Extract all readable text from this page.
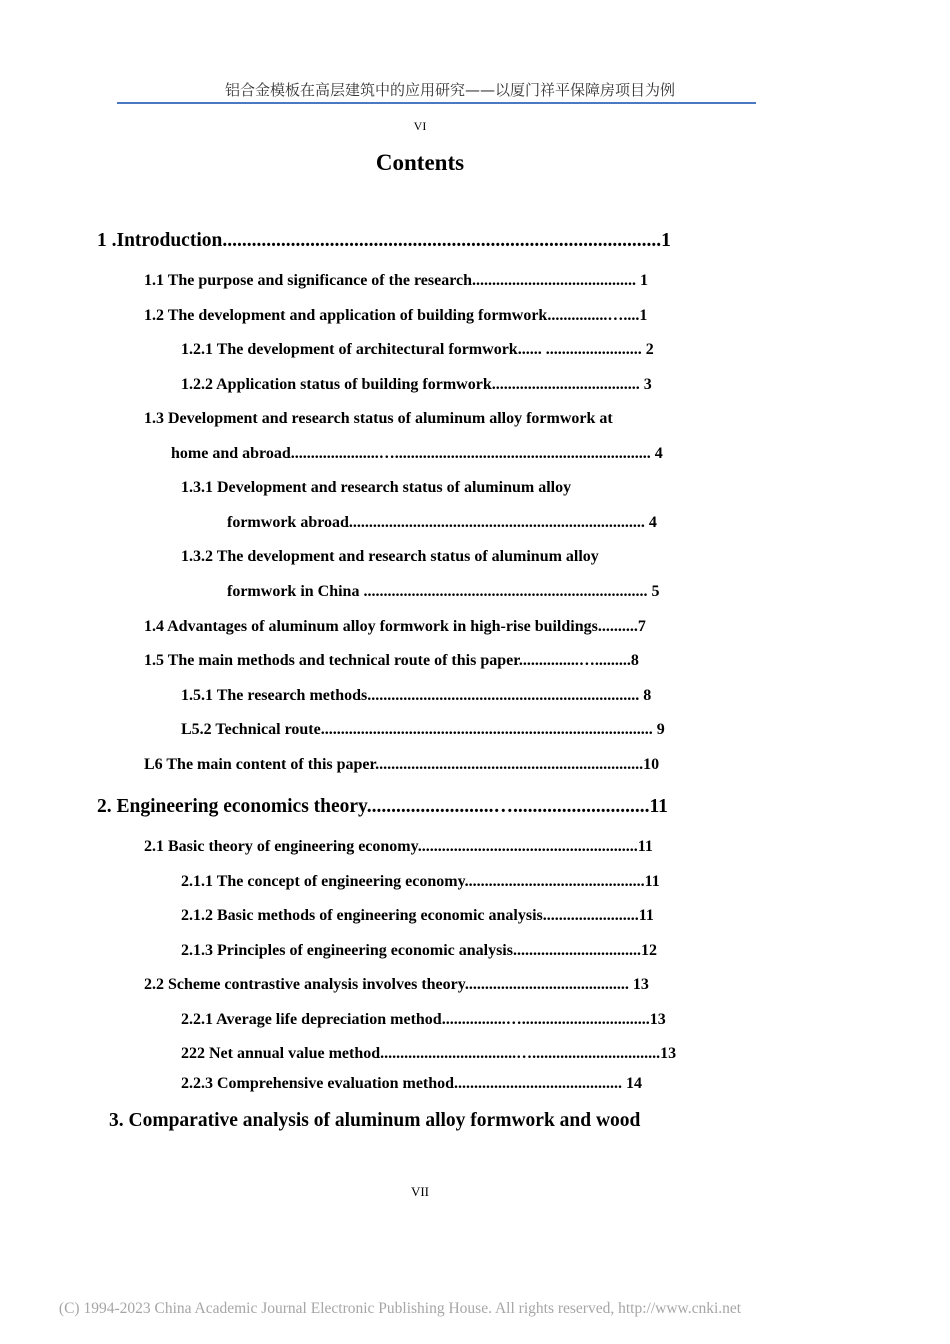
铝合金模板在高层建筑中的应用研究——以厦门祥平保障房项目为例
VI
Contents
1 .Introduction..........................................................................................1
1.1 The purpose and significance of the research......................................... 1
1.2 The development and application of building formwork...............…....1
1.2.1 The development of architectural formwork...... ........................ 2
1.2.2 Application status of building formwork..................................... 3
1.3 Development and research status of aluminum alloy formwork at
home and abroad......................…................................................................ 4
1.3.1 Development and research status of aluminum alloy
formwork abroad.......................................................................... 4
1.3.2 The development and research status of aluminum alloy
formwork in China ....................................................................... 5
1.4 Advantages of aluminum alloy formwork in high-rise buildings..........7
1.5 The main methods and technical route of this paper...............….........8
1.5.1 The research methods.................................................................... 8
L5.2 Technical route................................................................................... 9
L6 The main content of this paper...................................................................10
2. Engineering economics theory..........................…............................11
2.1 Basic theory of engineering economy.......................................................11
2.1.1 The concept of engineering economy.............................................11
2.1.2 Basic methods of engineering economic analysis........................11
2.1.3 Principles of engineering economic analysis................................12
2.2 Scheme contrastive analysis involves theory......................................... 13
2.2.1 Average life depreciation method................…................................13
222 Net annual value method..................................…................................13
2.2.3 Comprehensive evaluation method.......................................... 14
3. Comparative analysis of aluminum alloy formwork and wood
VII
(C) 1994-2023 China Academic Journal Electronic Publishing House. All rights reserved, http://www.cnki.net
